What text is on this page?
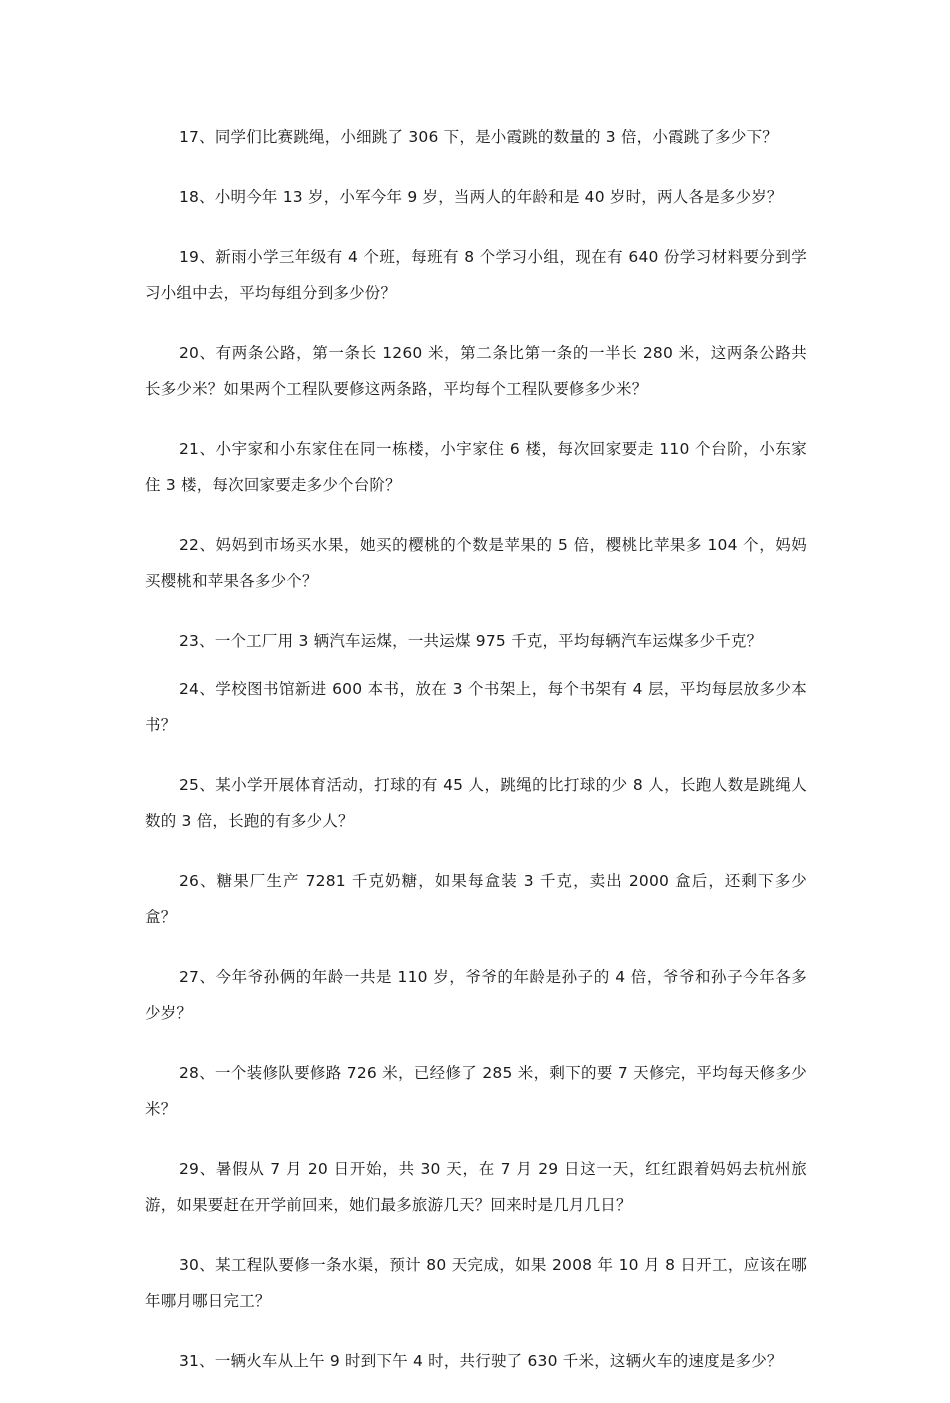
17、同学们比赛跳绳，小细跳了 306 下，是小霞跳的数量的 3 倍，小霞跳了多少下？

18、小明今年 13 岁，小军今年 9 岁，当两人的年龄和是 40 岁时，两人各是多少岁？

19、新雨小学三年级有 4 个班，每班有 8 个学习小组，现在有 640 份学习材料要分到学习小组中去，平均每组分到多少份？

20、有两条公路，第一条长 1260 米，第二条比第一条的一半长 280 米，这两条公路共长多少米？如果两个工程队要修这两条路，平均每个工程队要修多少米？

21、小宇家和小东家住在同一栋楼，小宇家住 6 楼，每次回家要走 110 个台阶，小东家住 3 楼，每次回家要走多少个台阶？

22、妈妈到市场买水果，她买的樱桃的个数是苹果的 5 倍，樱桃比苹果多 104 个，妈妈买樱桃和苹果各多少个？

23、一个工厂用 3 辆汽车运煤，一共运煤 975 千克，平均每辆汽车运煤多少千克？

24、学校图书馆新进 600 本书，放在 3 个书架上，每个书架有 4 层，平均每层放多少本书？

25、某小学开展体育活动，打球的有 45 人，跳绳的比打球的少 8 人，长跑人数是跳绳人数的 3 倍，长跑的有多少人？

26、糖果厂生产 7281 千克奶糖，如果每盒装 3 千克，卖出 2000 盒后，还剩下多少盒？

27、今年爷孙俩的年龄一共是 110 岁，爷爷的年龄是孙子的 4 倍，爷爷和孙子今年各多少岁？

28、一个装修队要修路 726 米，已经修了 285 米，剩下的要 7 天修完，平均每天修多少米？

29、暑假从 7 月 20 日开始，共 30 天，在 7 月 29 日这一天，红红跟着妈妈去杭州旅游，如果要赶在开学前回来，她们最多旅游几天？回来时是几月几日？

30、某工程队要修一条水渠，预计 80 天完成，如果 2008 年 10 月 8 日开工，应该在哪年哪月哪日完工？

31、一辆火车从上午 9 时到下午 4 时，共行驶了 630 千米，这辆火车的速度是多少？
